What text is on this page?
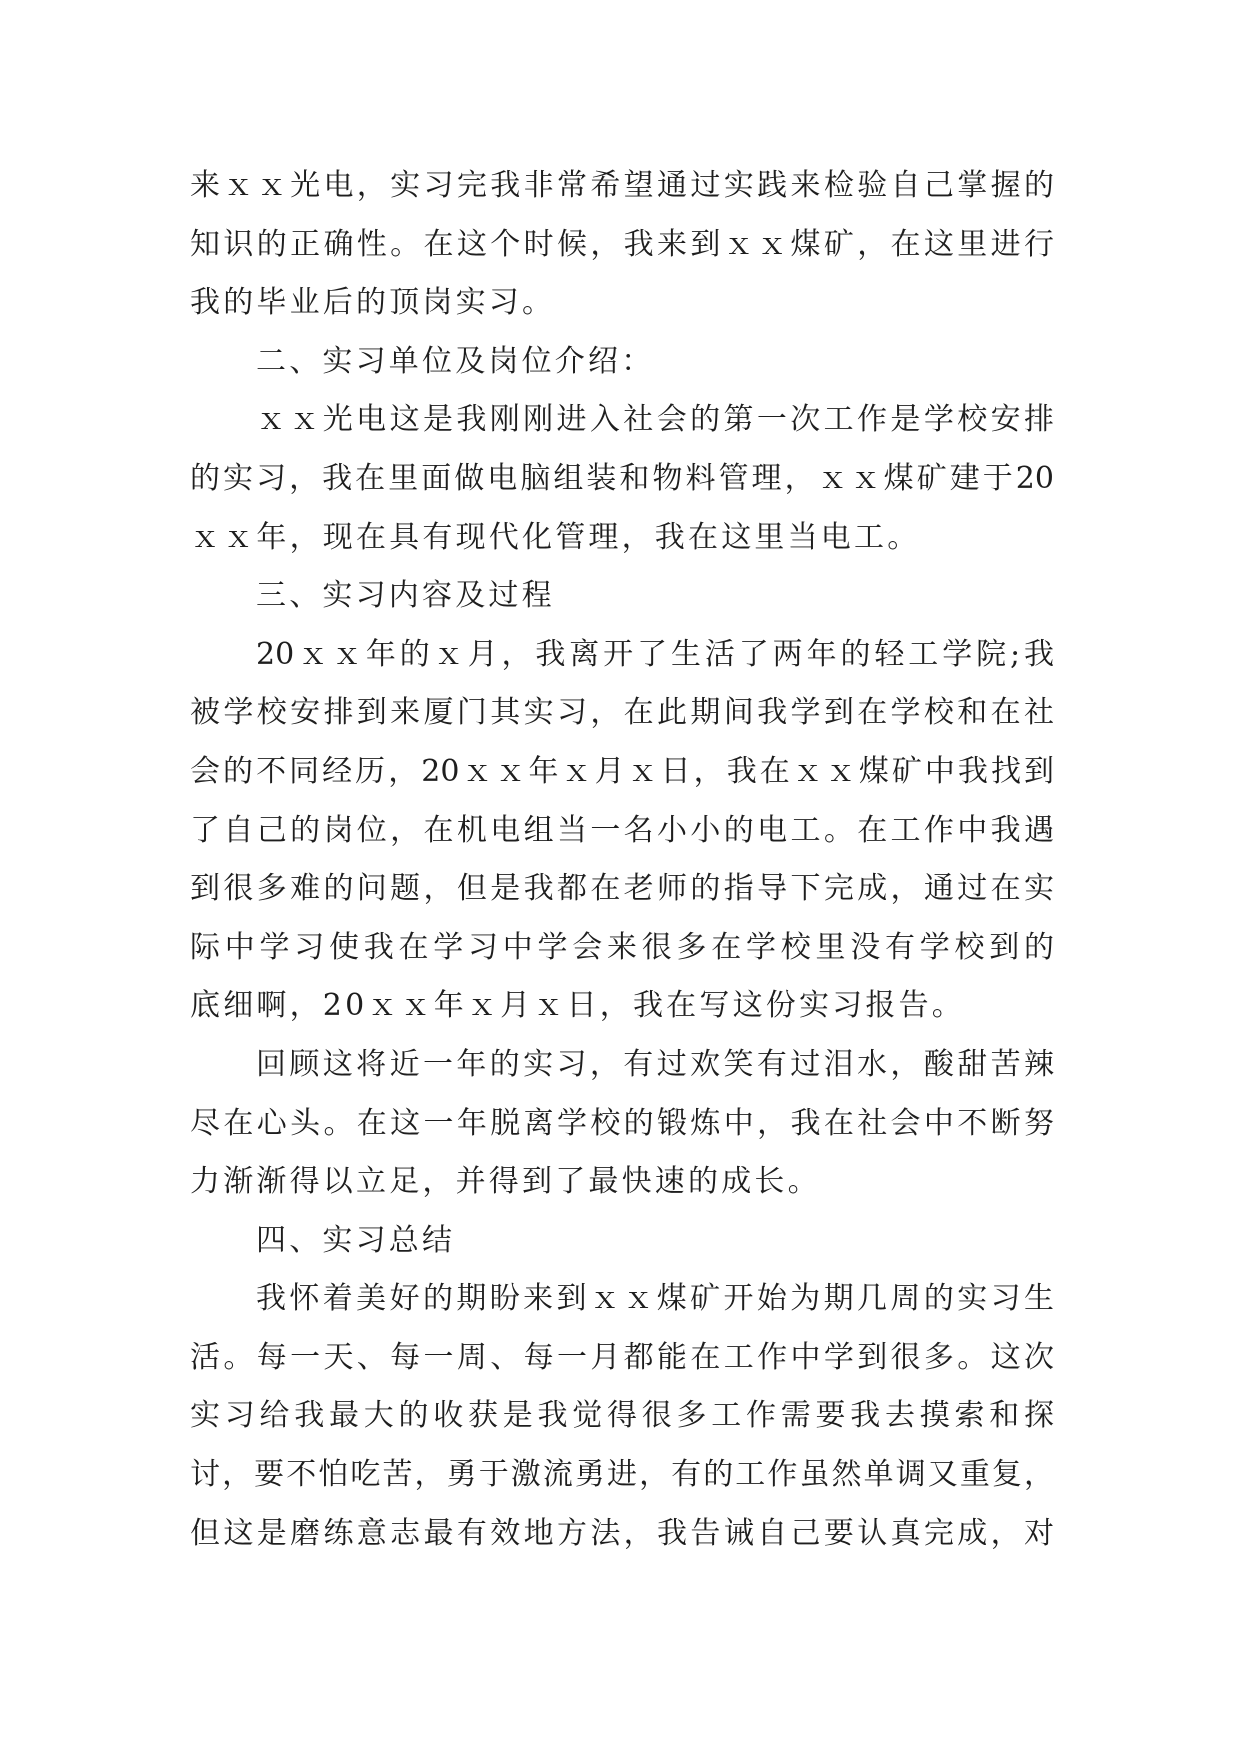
来ｘｘ光电，实习完我非常希望通过实践来检验自己掌握的
知识的正确性。在这个时候，我来到ｘｘ煤矿，在这里进行
我的毕业后的顶岗实习。
二、实习单位及岗位介绍：
ｘｘ光电这是我刚刚进入社会的第一次工作是学校安排
的实习，我在里面做电脑组装和物料管理，ｘｘ煤矿建于20
ｘｘ年，现在具有现代化管理，我在这里当电工。
三、实习内容及过程
20ｘｘ年的ｘ月，我离开了生活了两年的轻工学院;我
被学校安排到来厦门其实习，在此期间我学到在学校和在社
会的不同经历，20ｘｘ年ｘ月ｘ日，我在ｘｘ煤矿中我找到
了自己的岗位，在机电组当一名小小的电工。在工作中我遇
到很多难的问题，但是我都在老师的指导下完成，通过在实
际中学习使我在学习中学会来很多在学校里没有学校到的
底细啊，20ｘｘ年ｘ月ｘ日，我在写这份实习报告。
回顾这将近一年的实习，有过欢笑有过泪水，酸甜苦辣
尽在心头。在这一年脱离学校的锻炼中，我在社会中不断努
力渐渐得以立足，并得到了最快速的成长。
四、实习总结
我怀着美好的期盼来到ｘｘ煤矿开始为期几周的实习生
活。每一天、每一周、每一月都能在工作中学到很多。这次
实习给我最大的收获是我觉得很多工作需要我去摸索和探
讨，要不怕吃苦，勇于激流勇进，有的工作虽然单调又重复，
但这是磨练意志最有效地方法，我告诫自己要认真完成，对
